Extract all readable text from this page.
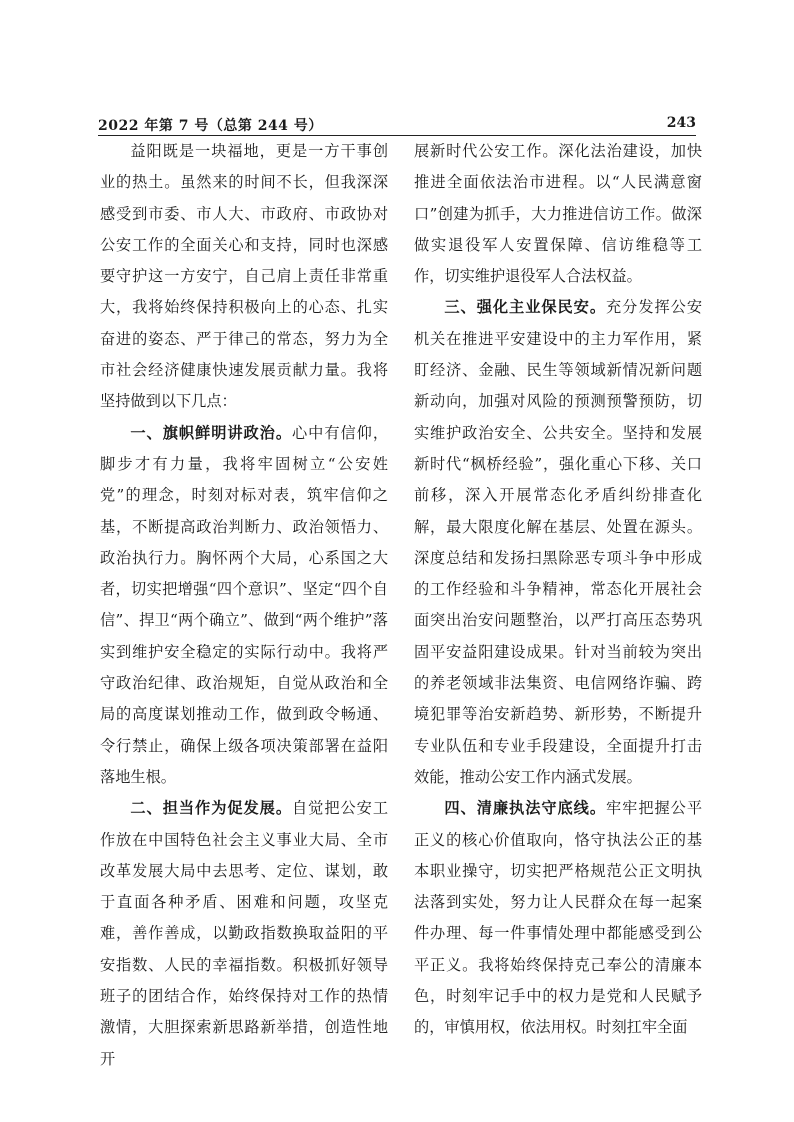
2022 年第 7 号（总第 244 号）	243

益阳既是一块福地，更是一方干事创业的热土。虽然来的时间不长，但我深深感受到市委、市人大、市政府、市政协对公安工作的全面关心和支持，同时也深感要守护这一方安宁，自己肩上责任非常重大，我将始终保持积极向上的心态、扎实奋进的姿态、严于律己的常态，努力为全市社会经济健康快速发展贡献力量。我将坚持做到以下几点：

一、旗帜鲜明讲政治。心中有信仰，脚步才有力量，我将牢固树立“公安姓党”的理念，时刻对标对表，筑牢信仰之基，不断提高政治判断力、政治领悟力、政治执行力。胸怀两个大局，心系国之大者，切实把增强“四个意识”、坚定“四个自信”、捍卫“两个确立”、做到“两个维护”落实到维护安全稳定的实际行动中。我将严守政治纪律、政治规矩，自觉从政治和全局的高度谋划推动工作，做到政令畅通、令行禁止，确保上级各项决策部署在益阳落地生根。

二、担当作为促发展。自觉把公安工作放在中国特色社会主义事业大局、全市改革发展大局中去思考、定位、谋划，敢于直面各种矛盾、困难和问题，攻坚克难，善作善成，以勤政指数换取益阳的平安指数、人民的幸福指数。积极抓好领导班子的团结合作，始终保持对工作的热情激情，大胆探索新思路新举措，创造性地开

展新时代公安工作。深化法治建设，加快推进全面依法治市进程。以“人民满意窗口”创建为抓手，大力推进信访工作。做深做实退役军人安置保障、信访维稳等工作，切实维护退役军人合法权益。

三、强化主业保民安。充分发挥公安机关在推进平安建设中的主力军作用，紧盯经济、金融、民生等领域新情况新问题新动向，加强对风险的预测预警预防，切实维护政治安全、公共安全。坚持和发展新时代“枫桥经验”，强化重心下移、关口前移，深入开展常态化矛盾纠纷排查化解，最大限度化解在基层、处置在源头。深度总结和发扬扫黑除恶专项斗争中形成的工作经验和斗争精神，常态化开展社会面突出治安问题整治，以严打高压态势巩固平安益阳建设成果。针对当前较为突出的养老领域非法集资、电信网络诈骗、跨境犯罪等治安新趋势、新形势，不断提升专业队伍和专业手段建设，全面提升打击效能，推动公安工作内涵式发展。

四、清廉执法守底线。牢牢把握公平正义的核心价值取向，恪守执法公正的基本职业操守，切实把严格规范公正文明执法落到实处，努力让人民群众在每一起案件办理、每一件事情处理中都能感受到公平正义。我将始终保持克己奉公的清廉本色，时刻牢记手中的权力是党和人民赋予的，审慎用权，依法用权。时刻扛牢全面
